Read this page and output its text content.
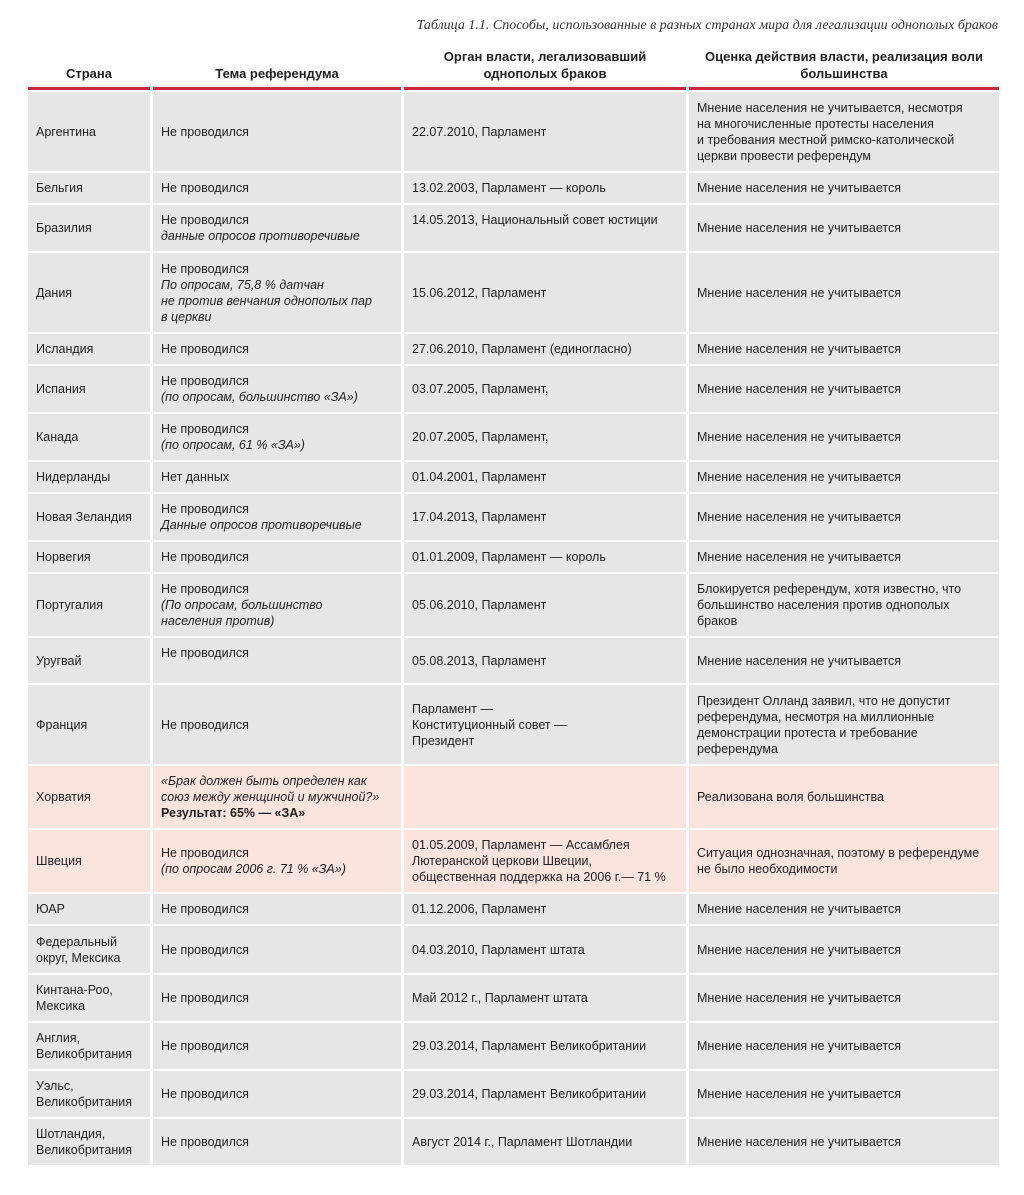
Таблица 1.1. Способы, использованные в разных странах мира для легализации однополых браков
Страна	Тема референдума	Орган власти, легализовавший однополых браков	Оценка действия власти, реализация воли большинства

Аргентина	Не проводился	22.07.2010, Парламент	Мнение населения не учитывается, несмотря
на многочисленные протесты населения
и требования местной римско-католической
церкви провести референдум

Бельгия	Не проводился	13.02.2003, Парламент — король	Мнение населения не учитывается

Бразилия	Не проводился
данные опросов противоречивые	14.05.2013, Национальный совет юстиции	Мнение населения не учитывается

Дания	Не проводился
По опросам, 75,8 % датчан
не против венчания однополых пар
в церкви	15.06.2012, Парламент	Мнение населения не учитывается

Исландия	Не проводился	27.06.2010, Парламент (единогласно)	Мнение населения не учитывается

Испания	Не проводился
(по опросам, большинство «ЗА»)	03.07.2005, Парламент,	Мнение населения не учитывается

Канада	Не проводился
(по опросам, 61 % «ЗА»)	20.07.2005, Парламент,	Мнение населения не учитывается

Нидерланды	Нет данных	01.04.2001, Парламент	Мнение населения не учитывается

Новая Зеландия	Не проводился
Данные опросов противоречивые	17.04.2013, Парламент	Мнение населения не учитывается

Норвегия	Не проводился	01.01.2009, Парламент — король	Мнение населения не учитывается

Португалия	Не проводился
(По опросам, большинство
населения против)	05.06.2010, Парламент	Блокируется референдум, хотя известно, что
большинство населения против однополых
браков

Уругвай	Не проводился	05.08.2013, Парламент	Мнение населения не учитывается

Франция	Не проводился	Парламент —
Конституционный совет —
Президент	Президент Олланд заявил, что не допустит
референдума, несмотря на миллионные
демонстрации протеста и требование
референдума

Хорватия	«Брак должен быть определен как
союз между женщиной и мужчиной?»
Результат: 65% — «ЗА»		Реализована воля большинства

Швеция	Не проводился
(по опросам 2006 г. 71 % «ЗА»)	01.05.2009, Парламент — Ассамблея
Лютеранской церкови Швеции,
общественная поддержка на 2006 г.— 71 %	Ситуация однозначная, поэтому в референдуме
не было необходимости

ЮАР	Не проводился	01.12.2006, Парламент	Мнение населения не учитывается

Федеральный
округ, Мексика	Не проводился	04.03.2010, Парламент штата	Мнение населения не учитывается

Кинтана-Роо,
Мексика	Не проводился	Май 2012 г., Парламент штата	Мнение населения не учитывается

Англия,
Великобритания	Не проводился	29.03.2014, Парламент Великобритании	Мнение населения не учитывается

Уэльс,
Великобритания	Не проводился	29.03.2014, Парламент Великобритании	Мнение населения не учитывается

Шотландия,
Великобритания	Не проводился	Август 2014 г., Парламент Шотландии	Мнение населения не учитывается
